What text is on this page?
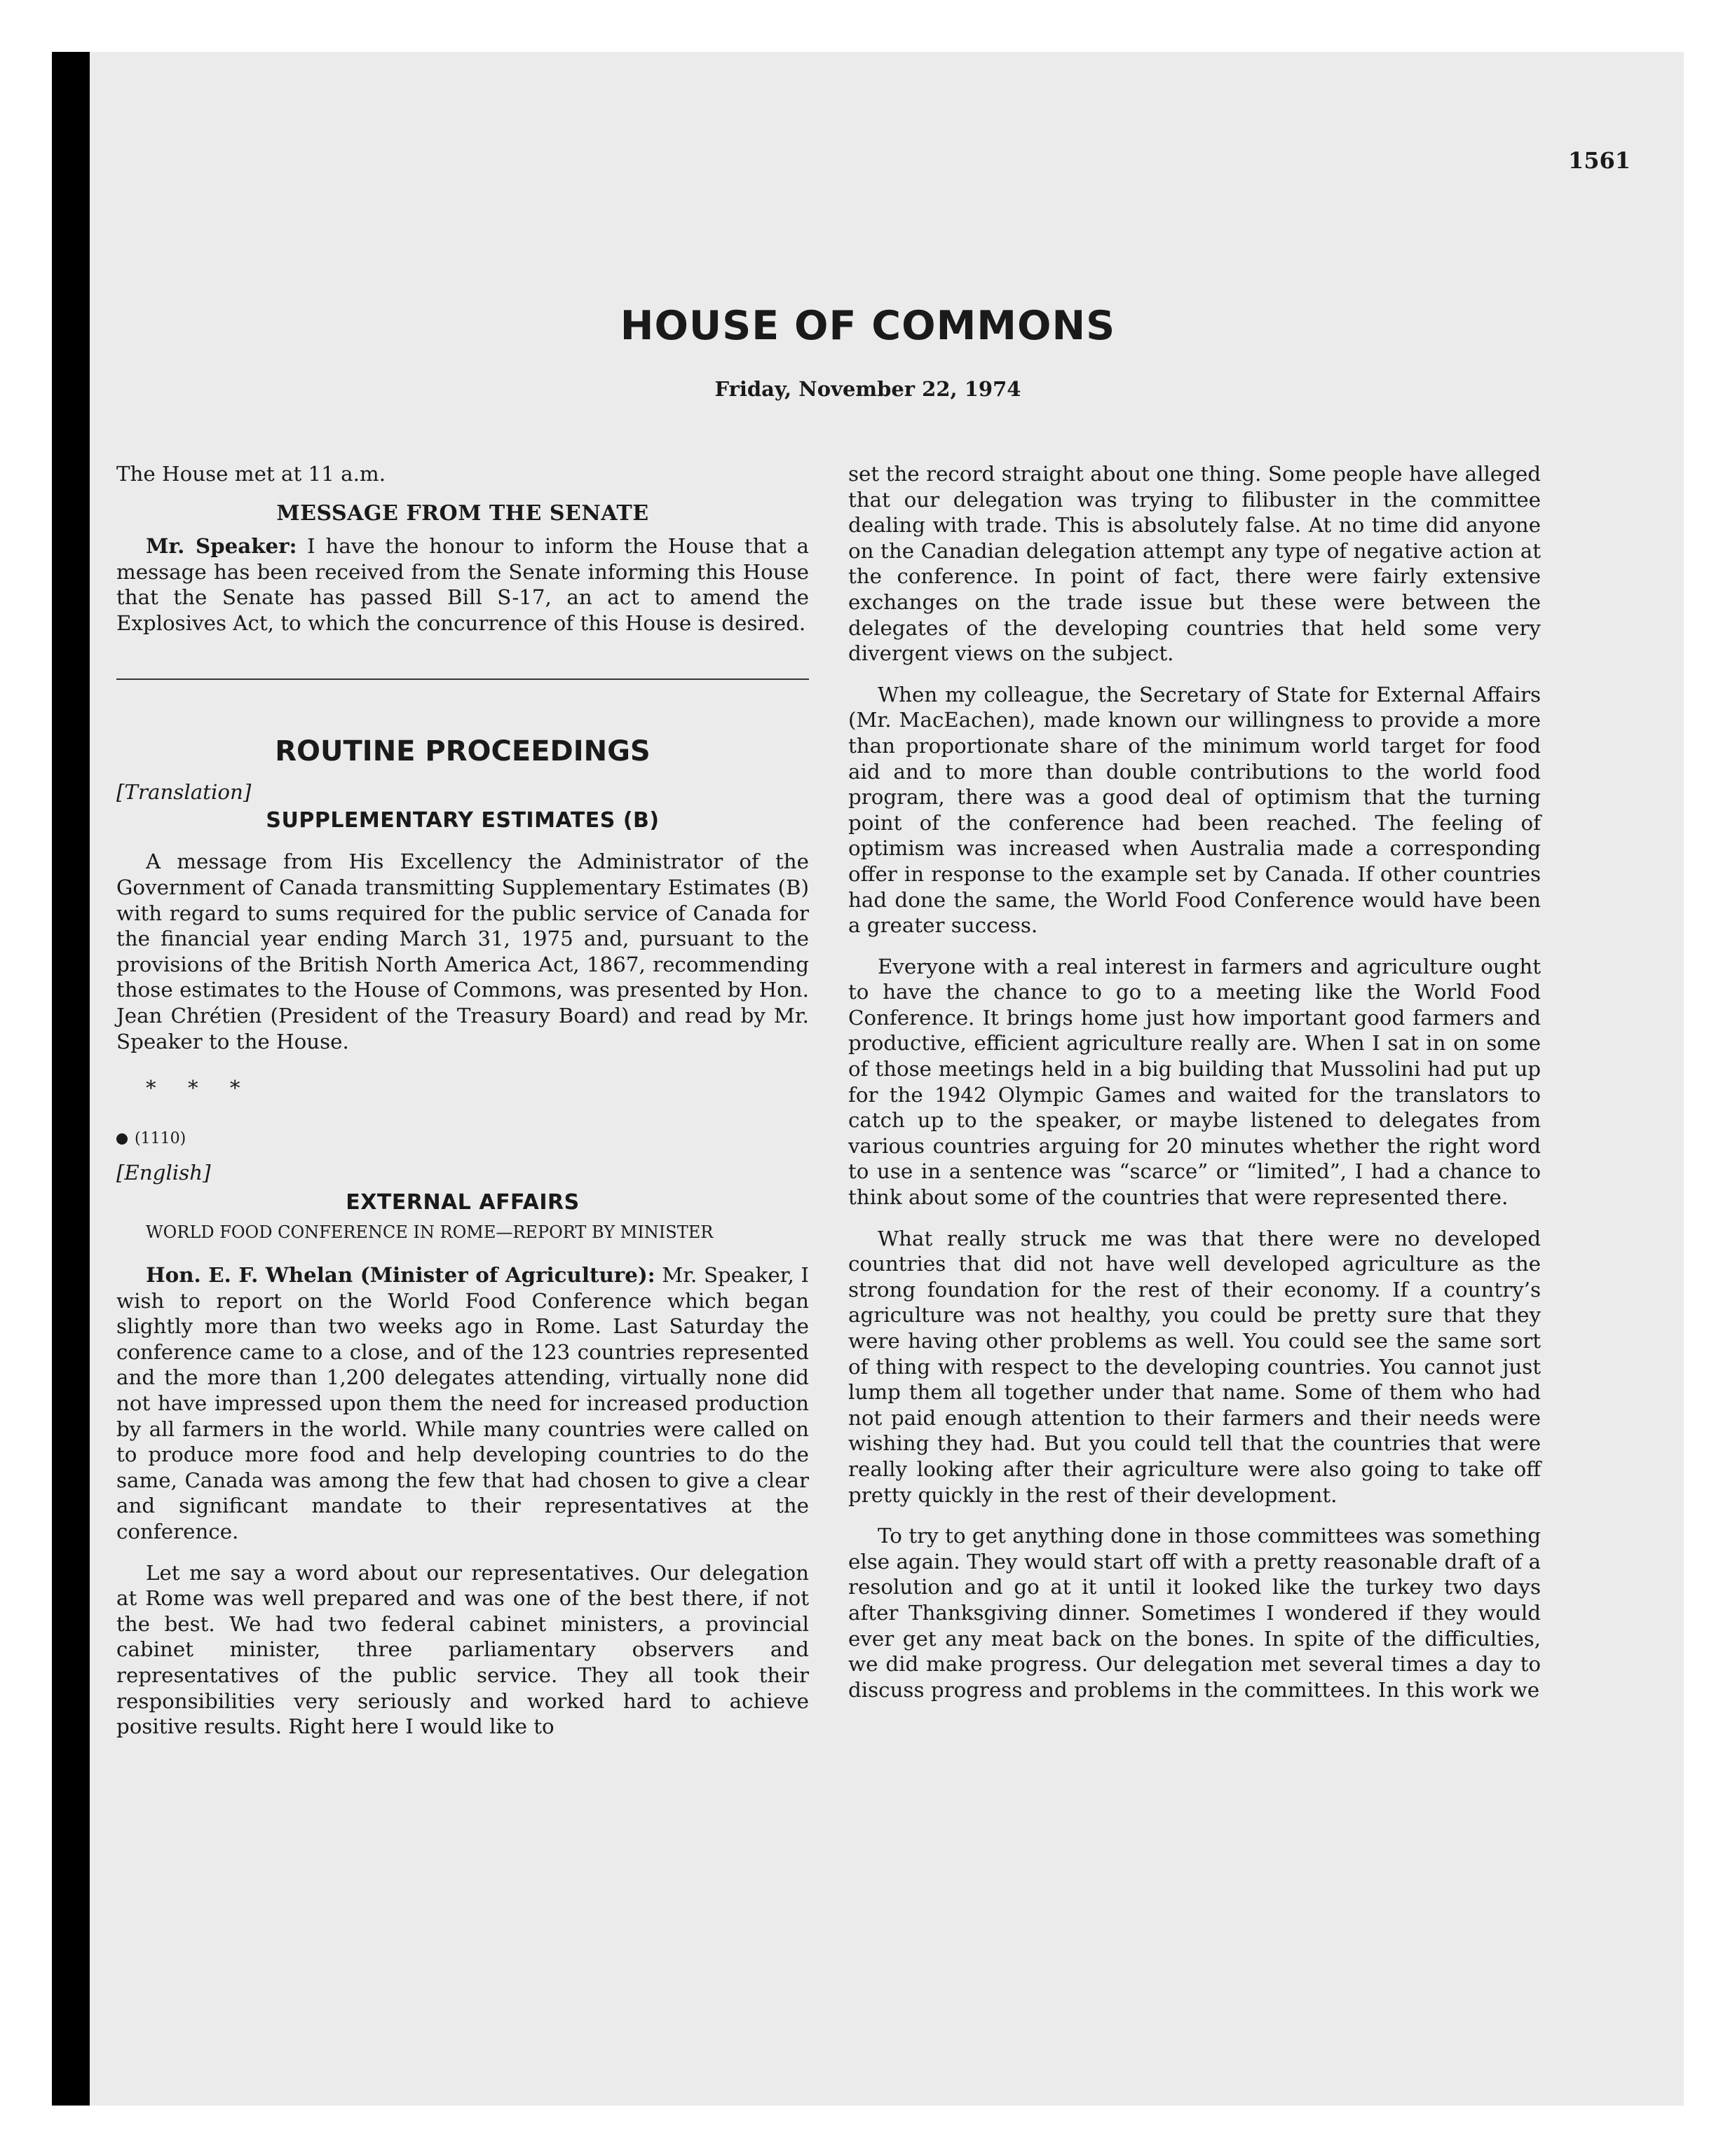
1561
HOUSE OF COMMONS
Friday, November 22, 1974

The House met at 11 a.m.

MESSAGE FROM THE SENATE

Mr. Speaker: I have the honour to inform the House that a message has been received from the Senate informing this House that the Senate has passed Bill S-17, an act to amend the Explosives Act, to which the concurrence of this House is desired.

ROUTINE PROCEEDINGS

[Translation]

SUPPLEMENTARY ESTIMATES (B)

A message from His Excellency the Administrator of the Government of Canada transmitting Supplementary Estimates (B) with regard to sums required for the public service of Canada for the financial year ending March 31, 1975 and, pursuant to the provisions of the British North America Act, 1867, recommending those estimates to the House of Commons, was presented by Hon. Jean Chrétien (President of the Treasury Board) and read by Mr. Speaker to the House.

* * *

(1110)

[English]

EXTERNAL AFFAIRS

WORLD FOOD CONFERENCE IN ROME—REPORT BY MINISTER

Hon. E. F. Whelan (Minister of Agriculture): Mr. Speaker, I wish to report on the World Food Conference which began slightly more than two weeks ago in Rome. Last Saturday the conference came to a close, and of the 123 countries represented and the more than 1,200 delegates attending, virtually none did not have impressed upon them the need for increased production by all farmers in the world. While many countries were called on to produce more food and help developing countries to do the same, Canada was among the few that had chosen to give a clear and significant mandate to their representatives at the conference.

Let me say a word about our representatives. Our delegation at Rome was well prepared and was one of the best there, if not the best. We had two federal cabinet ministers, a provincial cabinet minister, three parliamentary observers and representatives of the public service. They all took their responsibilities very seriously and worked hard to achieve positive results. Right here I would like to

set the record straight about one thing. Some people have alleged that our delegation was trying to filibuster in the committee dealing with trade. This is absolutely false. At no time did anyone on the Canadian delegation attempt any type of negative action at the conference. In point of fact, there were fairly extensive exchanges on the trade issue but these were between the delegates of the developing countries that held some very divergent views on the subject.

When my colleague, the Secretary of State for External Affairs (Mr. MacEachen), made known our willingness to provide a more than proportionate share of the minimum world target for food aid and to more than double contributions to the world food program, there was a good deal of optimism that the turning point of the conference had been reached. The feeling of optimism was increased when Australia made a corresponding offer in response to the example set by Canada. If other countries had done the same, the World Food Conference would have been a greater success.

Everyone with a real interest in farmers and agriculture ought to have the chance to go to a meeting like the World Food Conference. It brings home just how important good farmers and productive, efficient agriculture really are. When I sat in on some of those meetings held in a big building that Mussolini had put up for the 1942 Olympic Games and waited for the translators to catch up to the speaker, or maybe listened to delegates from various countries arguing for 20 minutes whether the right word to use in a sentence was “scarce” or “limited”, I had a chance to think about some of the countries that were represented there.

What really struck me was that there were no developed countries that did not have well developed agriculture as the strong foundation for the rest of their economy. If a country’s agriculture was not healthy, you could be pretty sure that they were having other problems as well. You could see the same sort of thing with respect to the developing countries. You cannot just lump them all together under that name. Some of them who had not paid enough attention to their farmers and their needs were wishing they had. But you could tell that the countries that were really looking after their agriculture were also going to take off pretty quickly in the rest of their development.

To try to get anything done in those committees was something else again. They would start off with a pretty reasonable draft of a resolution and go at it until it looked like the turkey two days after Thanksgiving dinner. Sometimes I wondered if they would ever get any meat back on the bones. In spite of the difficulties, we did make progress. Our delegation met several times a day to discuss progress and problems in the committees. In this work we
